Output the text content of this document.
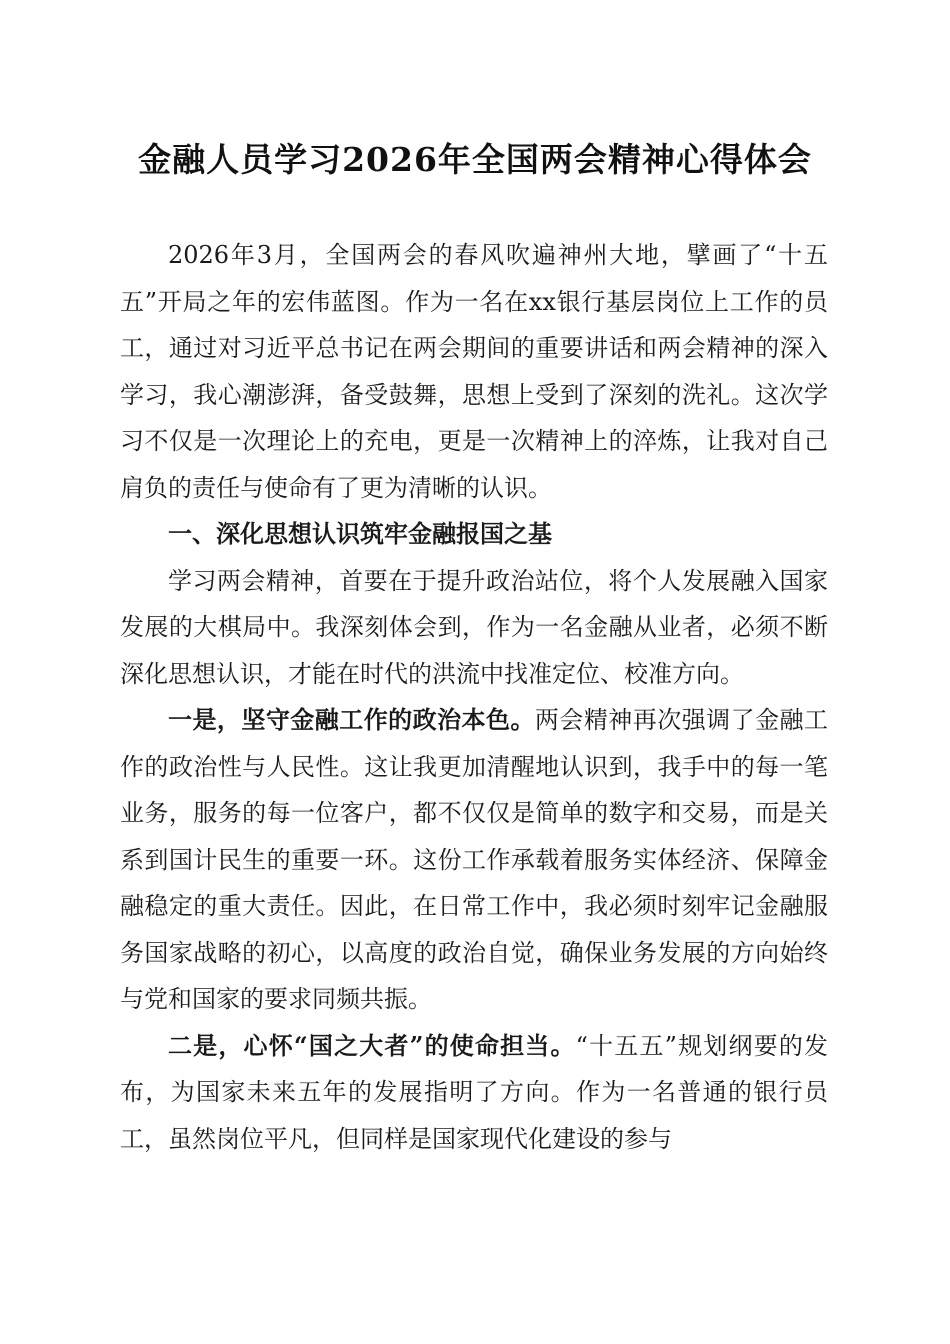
金融人员学习2026年全国两会精神心得体会

2026年3月，全国两会的春风吹遍神州大地，擘画了“十五五”开局之年的宏伟蓝图。作为一名在xx银行基层岗位上工作的员工，通过对习近平总书记在两会期间的重要讲话和两会精神的深入学习，我心潮澎湃，备受鼓舞，思想上受到了深刻的洗礼。这次学习不仅是一次理论上的充电，更是一次精神上的淬炼，让我对自己肩负的责任与使命有了更为清晰的认识。

一、深化思想认识筑牢金融报国之基

学习两会精神，首要在于提升政治站位，将个人发展融入国家发展的大棋局中。我深刻体会到，作为一名金融从业者，必须不断深化思想认识，才能在时代的洪流中找准定位、校准方向。

一是，坚守金融工作的政治本色。两会精神再次强调了金融工作的政治性与人民性。这让我更加清醒地认识到，我手中的每一笔业务，服务的每一位客户，都不仅仅是简单的数字和交易，而是关系到国计民生的重要一环。这份工作承载着服务实体经济、保障金融稳定的重大责任。因此，在日常工作中，我必须时刻牢记金融服务国家战略的初心，以高度的政治自觉，确保业务发展的方向始终与党和国家的要求同频共振。

二是，心怀“国之大者”的使命担当。“十五五”规划纲要的发布，为国家未来五年的发展指明了方向。作为一名普通的银行员工，虽然岗位平凡，但同样是国家现代化建设的参与
